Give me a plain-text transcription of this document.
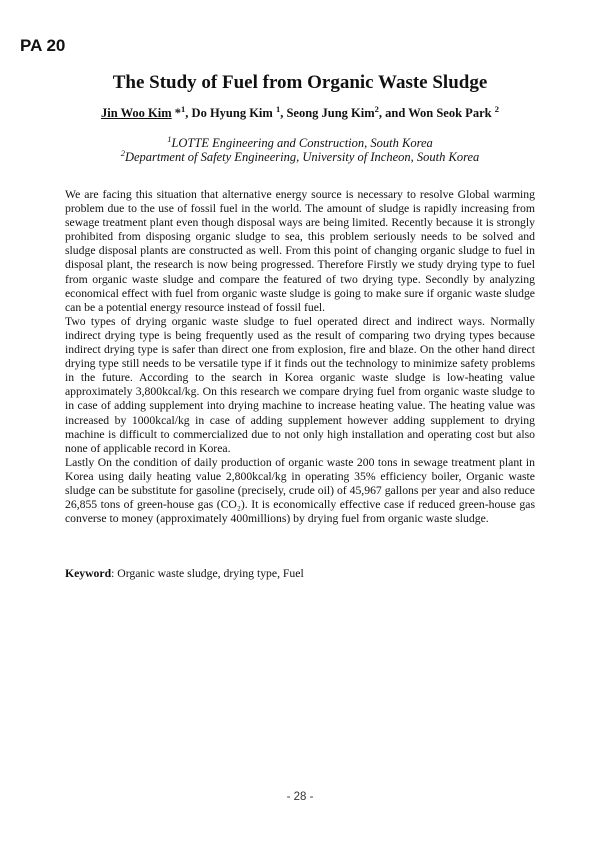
PA 20
The Study of Fuel from Organic Waste Sludge
Jin Woo Kim *$^1$, Do Hyung Kim $^1$, Seong Jung Kim$^2$, and Won Seok Park $^2$
$^1$LOTTE Engineering and Construction, South Korea
$^2$Department of Safety Engineering, University of Incheon, South Korea

We are facing this situation that alternative energy source is necessary to resolve Global warming problem due to the use of fossil fuel in the world. The amount of sludge is rapidly increasing from sewage treatment plant even though disposal ways are being limited. Recently because it is strongly prohibited from disposing organic sludge to sea, this problem seriously needs to be solved and sludge disposal plants are constructed as well. From this point of changing organic sludge to fuel in disposal plant, the research is now being progressed. Therefore Firstly we study drying type to fuel from organic waste sludge and compare the featured of two drying type. Secondly by analyzing economical effect with fuel from organic waste sludge is going to make sure if organic waste sludge can be a potential energy resource instead of fossil fuel.

Two types of drying organic waste sludge to fuel operated direct and indirect ways. Normally indirect drying type is being frequently used as the result of comparing two drying types because indirect drying type is safer than direct one from explosion, fire and blaze. On the other hand direct drying type still needs to be versatile type if it finds out the technology to minimize safety problems in the future. According to the search in Korea organic waste sludge is low-heating value approximately 3,800kcal/kg. On this research we compare drying fuel from organic waste sludge to in case of adding supplement into drying machine to increase heating value. The heating value was increased by 1000kcal/kg in case of adding supplement however adding supplement to drying machine is difficult to commercialized due to not only high installation and operating cost but also none of applicable record in Korea.

Lastly On the condition of daily production of organic waste 200 tons in sewage treatment plant in Korea using daily heating value 2,800kcal/kg in operating 35% efficiency boiler, Organic waste sludge can be substitute for gasoline (precisely, crude oil) of 45,967 gallons per year and also reduce 26,855 tons of green-house gas (CO₂). It is economically effective case if reduced green-house gas converse to money (approximately 400millions) by drying fuel from organic waste sludge.

Keyword: Organic waste sludge, drying type, Fuel
- 28 -
